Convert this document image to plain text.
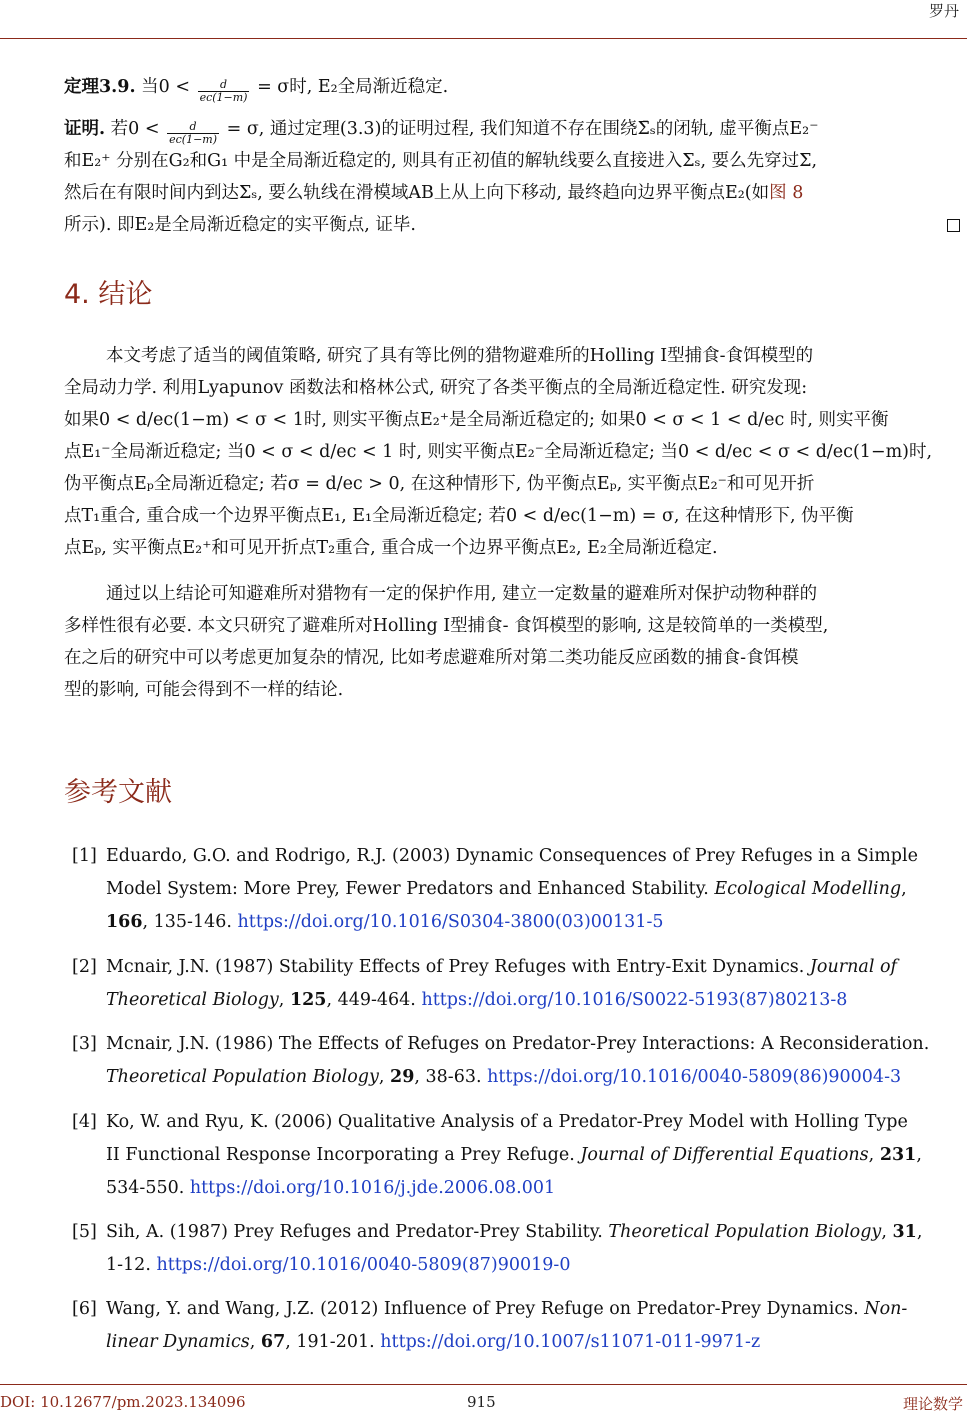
罗丹
定理3.9. 当$0 < \frac{d}{ec(1-m)} = \sigma$时, E₂全局渐近稳定.
证明. 若$0 < \frac{d}{ec(1-m)} = \sigma$, 通过定理(3.3)的证明过程, 我们知道不存在围绕Σ̄ₛ的闭轨, 虚平衡点E₂⁻
和E₂⁺ 分别在G₂和G₁ 中是全局渐近稳定的, 则具有正初值的解轨线要么直接进入Σₛ, 要么先穿过Σ,
然后在有限时间内到达Σₛ, 要么轨线在滑模域AB上从上向下移动, 最终趋向边界平衡点E₂(如图 8
所示). 即E₂是全局渐近稳定的实平衡点, 证毕.
4. 结论
本文考虑了适当的阈值策略, 研究了具有等比例的猎物避难所的Holling I型捕食-食饵模型的
全局动力学. 利用Lyapunov 函数法和格林公式, 研究了各类平衡点的全局渐近稳定性. 研究发现:
如果0 < d/ec(1−m) < σ < 1时, 则实平衡点E₂⁺是全局渐近稳定的; 如果0 < σ < 1 < d/ec 时, 则实平衡
点E₁⁻全局渐近稳定; 当0 < σ < d/ec < 1 时, 则实平衡点E₂⁻全局渐近稳定; 当0 < d/ec < σ < d/ec(1−m)时,
伪平衡点Eₚ全局渐近稳定; 若σ = d/ec > 0, 在这种情形下, 伪平衡点Eₚ, 实平衡点E₂⁻和可见开折
点T₁重合, 重合成一个边界平衡点E₁, E₁全局渐近稳定; 若0 < d/ec(1−m) = σ, 在这种情形下, 伪平衡
点Eₚ, 实平衡点E₂⁺和可见开折点T₂重合, 重合成一个边界平衡点E₂, E₂全局渐近稳定.
通过以上结论可知避难所对猎物有一定的保护作用, 建立一定数量的避难所对保护动物种群的
多样性很有必要. 本文只研究了避难所对Holling I型捕食- 食饵模型的影响, 这是较简单的一类模型,
在之后的研究中可以考虑更加复杂的情况, 比如考虑避难所对第二类功能反应函数的捕食-食饵模
型的影响, 可能会得到不一样的结论.
参考文献
[1] Eduardo, G.O. and Rodrigo, R.J. (2003) Dynamic Consequences of Prey Refuges in a Simple
Model System: More Prey, Fewer Predators and Enhanced Stability. Ecological Modelling,
166, 135-146. https://doi.org/10.1016/S0304-3800(03)00131-5
[2] Mcnair, J.N. (1987) Stability Effects of Prey Refuges with Entry-Exit Dynamics. Journal of
Theoretical Biology, 125, 449-464. https://doi.org/10.1016/S0022-5193(87)80213-8
[3] Mcnair, J.N. (1986) The Effects of Refuges on Predator-Prey Interactions: A Reconsideration.
Theoretical Population Biology, 29, 38-63. https://doi.org/10.1016/0040-5809(86)90004-3
[4] Ko, W. and Ryu, K. (2006) Qualitative Analysis of a Predator-Prey Model with Holling Type
II Functional Response Incorporating a Prey Refuge. Journal of Differential Equations, 231,
534-550. https://doi.org/10.1016/j.jde.2006.08.001
[5] Sih, A. (1987) Prey Refuges and Predator-Prey Stability. Theoretical Population Biology, 31,
1-12. https://doi.org/10.1016/0040-5809(87)90019-0
[6] Wang, Y. and Wang, J.Z. (2012) Influence of Prey Refuge on Predator-Prey Dynamics. Non-
linear Dynamics, 67, 191-201. https://doi.org/10.1007/s11071-011-9971-z
DOI: 10.12677/pm.2023.134096	915	理论数学
